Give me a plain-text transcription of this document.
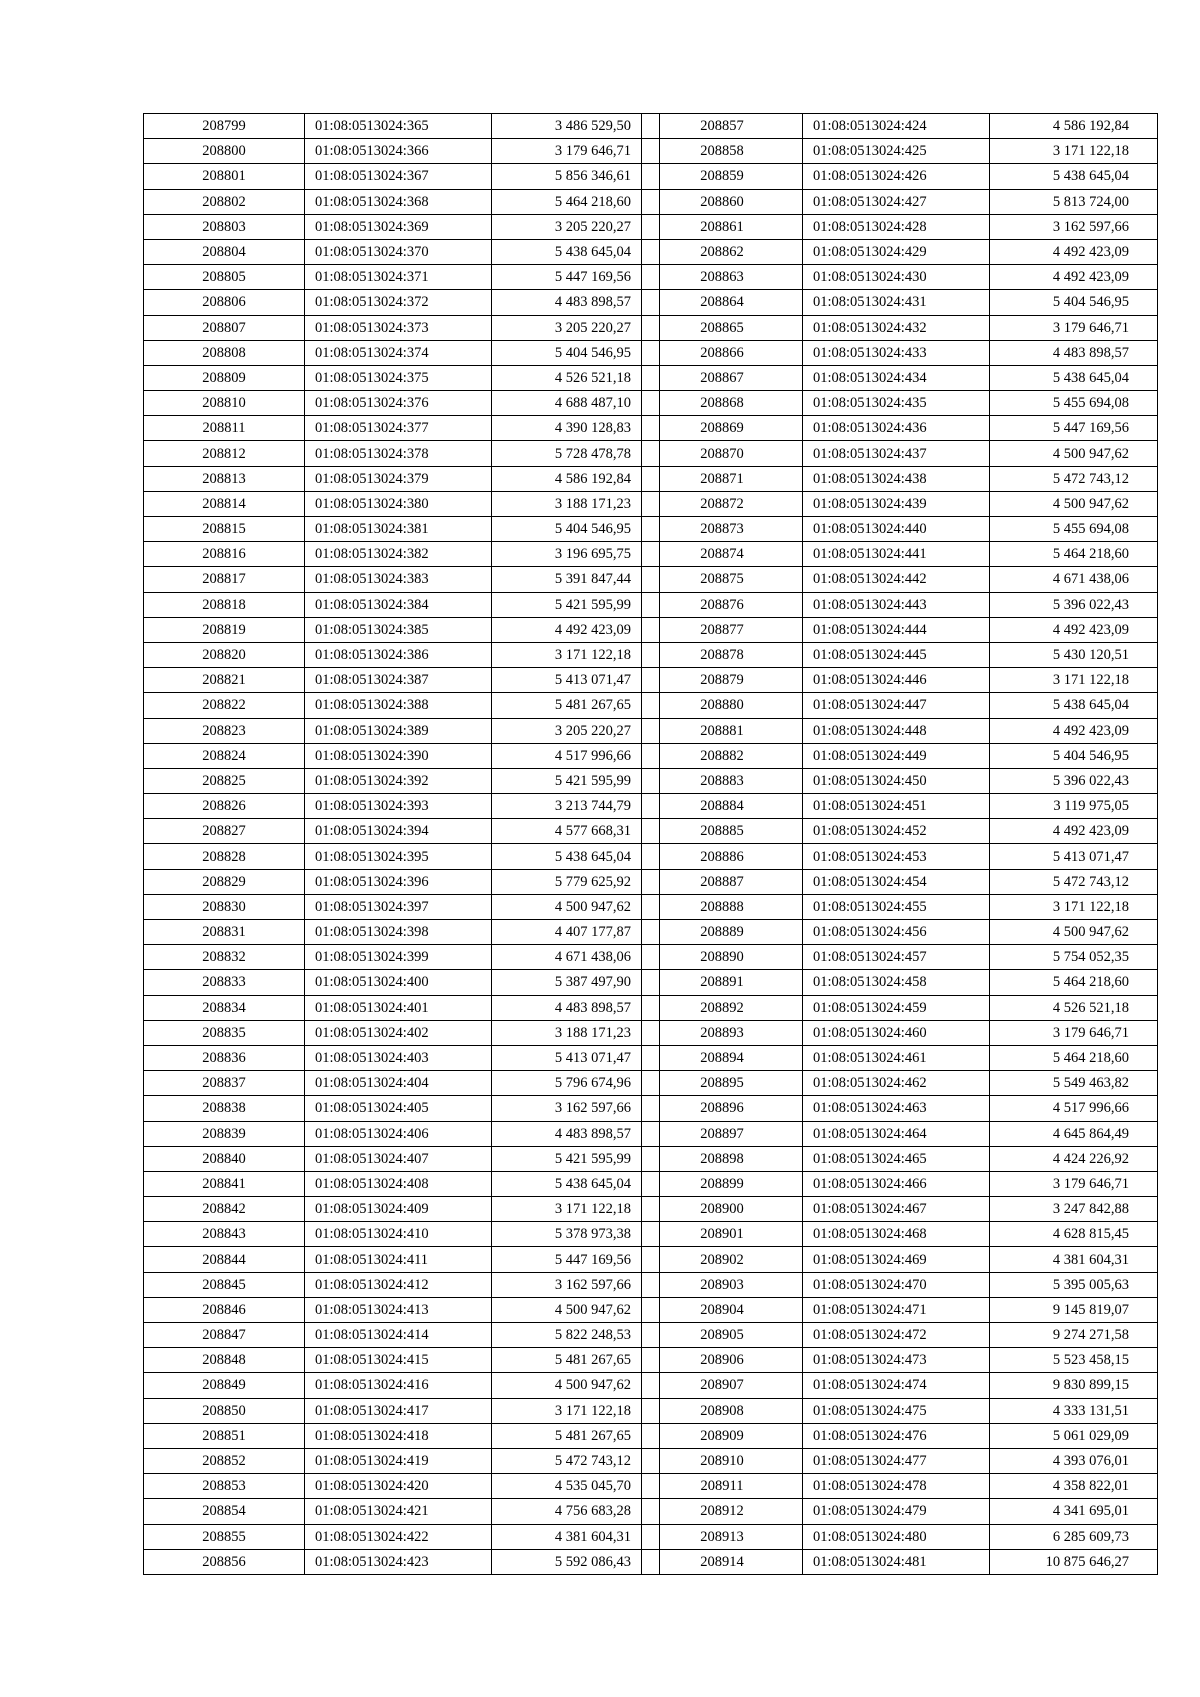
208799	01:08:0513024:365	3 486 529,50
208800	01:08:0513024:366	3 179 646,71
208801	01:08:0513024:367	5 856 346,61
208802	01:08:0513024:368	5 464 218,60
208803	01:08:0513024:369	3 205 220,27
208804	01:08:0513024:370	5 438 645,04
208805	01:08:0513024:371	5 447 169,56
208806	01:08:0513024:372	4 483 898,57
208807	01:08:0513024:373	3 205 220,27
208808	01:08:0513024:374	5 404 546,95
208809	01:08:0513024:375	4 526 521,18
208810	01:08:0513024:376	4 688 487,10
208811	01:08:0513024:377	4 390 128,83
208812	01:08:0513024:378	5 728 478,78
208813	01:08:0513024:379	4 586 192,84
208814	01:08:0513024:380	3 188 171,23
208815	01:08:0513024:381	5 404 546,95
208816	01:08:0513024:382	3 196 695,75
208817	01:08:0513024:383	5 391 847,44
208818	01:08:0513024:384	5 421 595,99
208819	01:08:0513024:385	4 492 423,09
208820	01:08:0513024:386	3 171 122,18
208821	01:08:0513024:387	5 413 071,47
208822	01:08:0513024:388	5 481 267,65
208823	01:08:0513024:389	3 205 220,27
208824	01:08:0513024:390	4 517 996,66
208825	01:08:0513024:392	5 421 595,99
208826	01:08:0513024:393	3 213 744,79
208827	01:08:0513024:394	4 577 668,31
208828	01:08:0513024:395	5 438 645,04
208829	01:08:0513024:396	5 779 625,92
208830	01:08:0513024:397	4 500 947,62
208831	01:08:0513024:398	4 407 177,87
208832	01:08:0513024:399	4 671 438,06
208833	01:08:0513024:400	5 387 497,90
208834	01:08:0513024:401	4 483 898,57
208835	01:08:0513024:402	3 188 171,23
208836	01:08:0513024:403	5 413 071,47
208837	01:08:0513024:404	5 796 674,96
208838	01:08:0513024:405	3 162 597,66
208839	01:08:0513024:406	4 483 898,57
208840	01:08:0513024:407	5 421 595,99
208841	01:08:0513024:408	5 438 645,04
208842	01:08:0513024:409	3 171 122,18
208843	01:08:0513024:410	5 378 973,38
208844	01:08:0513024:411	5 447 169,56
208845	01:08:0513024:412	3 162 597,66
208846	01:08:0513024:413	4 500 947,62
208847	01:08:0513024:414	5 822 248,53
208848	01:08:0513024:415	5 481 267,65
208849	01:08:0513024:416	4 500 947,62
208850	01:08:0513024:417	3 171 122,18
208851	01:08:0513024:418	5 481 267,65
208852	01:08:0513024:419	5 472 743,12
208853	01:08:0513024:420	4 535 045,70
208854	01:08:0513024:421	4 756 683,28
208855	01:08:0513024:422	4 381 604,31
208856	01:08:0513024:423	5 592 086,43
208857	01:08:0513024:424	4 586 192,84
208858	01:08:0513024:425	3 171 122,18
208859	01:08:0513024:426	5 438 645,04
208860	01:08:0513024:427	5 813 724,00
208861	01:08:0513024:428	3 162 597,66
208862	01:08:0513024:429	4 492 423,09
208863	01:08:0513024:430	4 492 423,09
208864	01:08:0513024:431	5 404 546,95
208865	01:08:0513024:432	3 179 646,71
208866	01:08:0513024:433	4 483 898,57
208867	01:08:0513024:434	5 438 645,04
208868	01:08:0513024:435	5 455 694,08
208869	01:08:0513024:436	5 447 169,56
208870	01:08:0513024:437	4 500 947,62
208871	01:08:0513024:438	5 472 743,12
208872	01:08:0513024:439	4 500 947,62
208873	01:08:0513024:440	5 455 694,08
208874	01:08:0513024:441	5 464 218,60
208875	01:08:0513024:442	4 671 438,06
208876	01:08:0513024:443	5 396 022,43
208877	01:08:0513024:444	4 492 423,09
208878	01:08:0513024:445	5 430 120,51
208879	01:08:0513024:446	3 171 122,18
208880	01:08:0513024:447	5 438 645,04
208881	01:08:0513024:448	4 492 423,09
208882	01:08:0513024:449	5 404 546,95
208883	01:08:0513024:450	5 396 022,43
208884	01:08:0513024:451	3 119 975,05
208885	01:08:0513024:452	4 492 423,09
208886	01:08:0513024:453	5 413 071,47
208887	01:08:0513024:454	5 472 743,12
208888	01:08:0513024:455	3 171 122,18
208889	01:08:0513024:456	4 500 947,62
208890	01:08:0513024:457	5 754 052,35
208891	01:08:0513024:458	5 464 218,60
208892	01:08:0513024:459	4 526 521,18
208893	01:08:0513024:460	3 179 646,71
208894	01:08:0513024:461	5 464 218,60
208895	01:08:0513024:462	5 549 463,82
208896	01:08:0513024:463	4 517 996,66
208897	01:08:0513024:464	4 645 864,49
208898	01:08:0513024:465	4 424 226,92
208899	01:08:0513024:466	3 179 646,71
208900	01:08:0513024:467	3 247 842,88
208901	01:08:0513024:468	4 628 815,45
208902	01:08:0513024:469	4 381 604,31
208903	01:08:0513024:470	5 395 005,63
208904	01:08:0513024:471	9 145 819,07
208905	01:08:0513024:472	9 274 271,58
208906	01:08:0513024:473	5 523 458,15
208907	01:08:0513024:474	9 830 899,15
208908	01:08:0513024:475	4 333 131,51
208909	01:08:0513024:476	5 061 029,09
208910	01:08:0513024:477	4 393 076,01
208911	01:08:0513024:478	4 358 822,01
208912	01:08:0513024:479	4 341 695,01
208913	01:08:0513024:480	6 285 609,73
208914	01:08:0513024:481	10 875 646,27
